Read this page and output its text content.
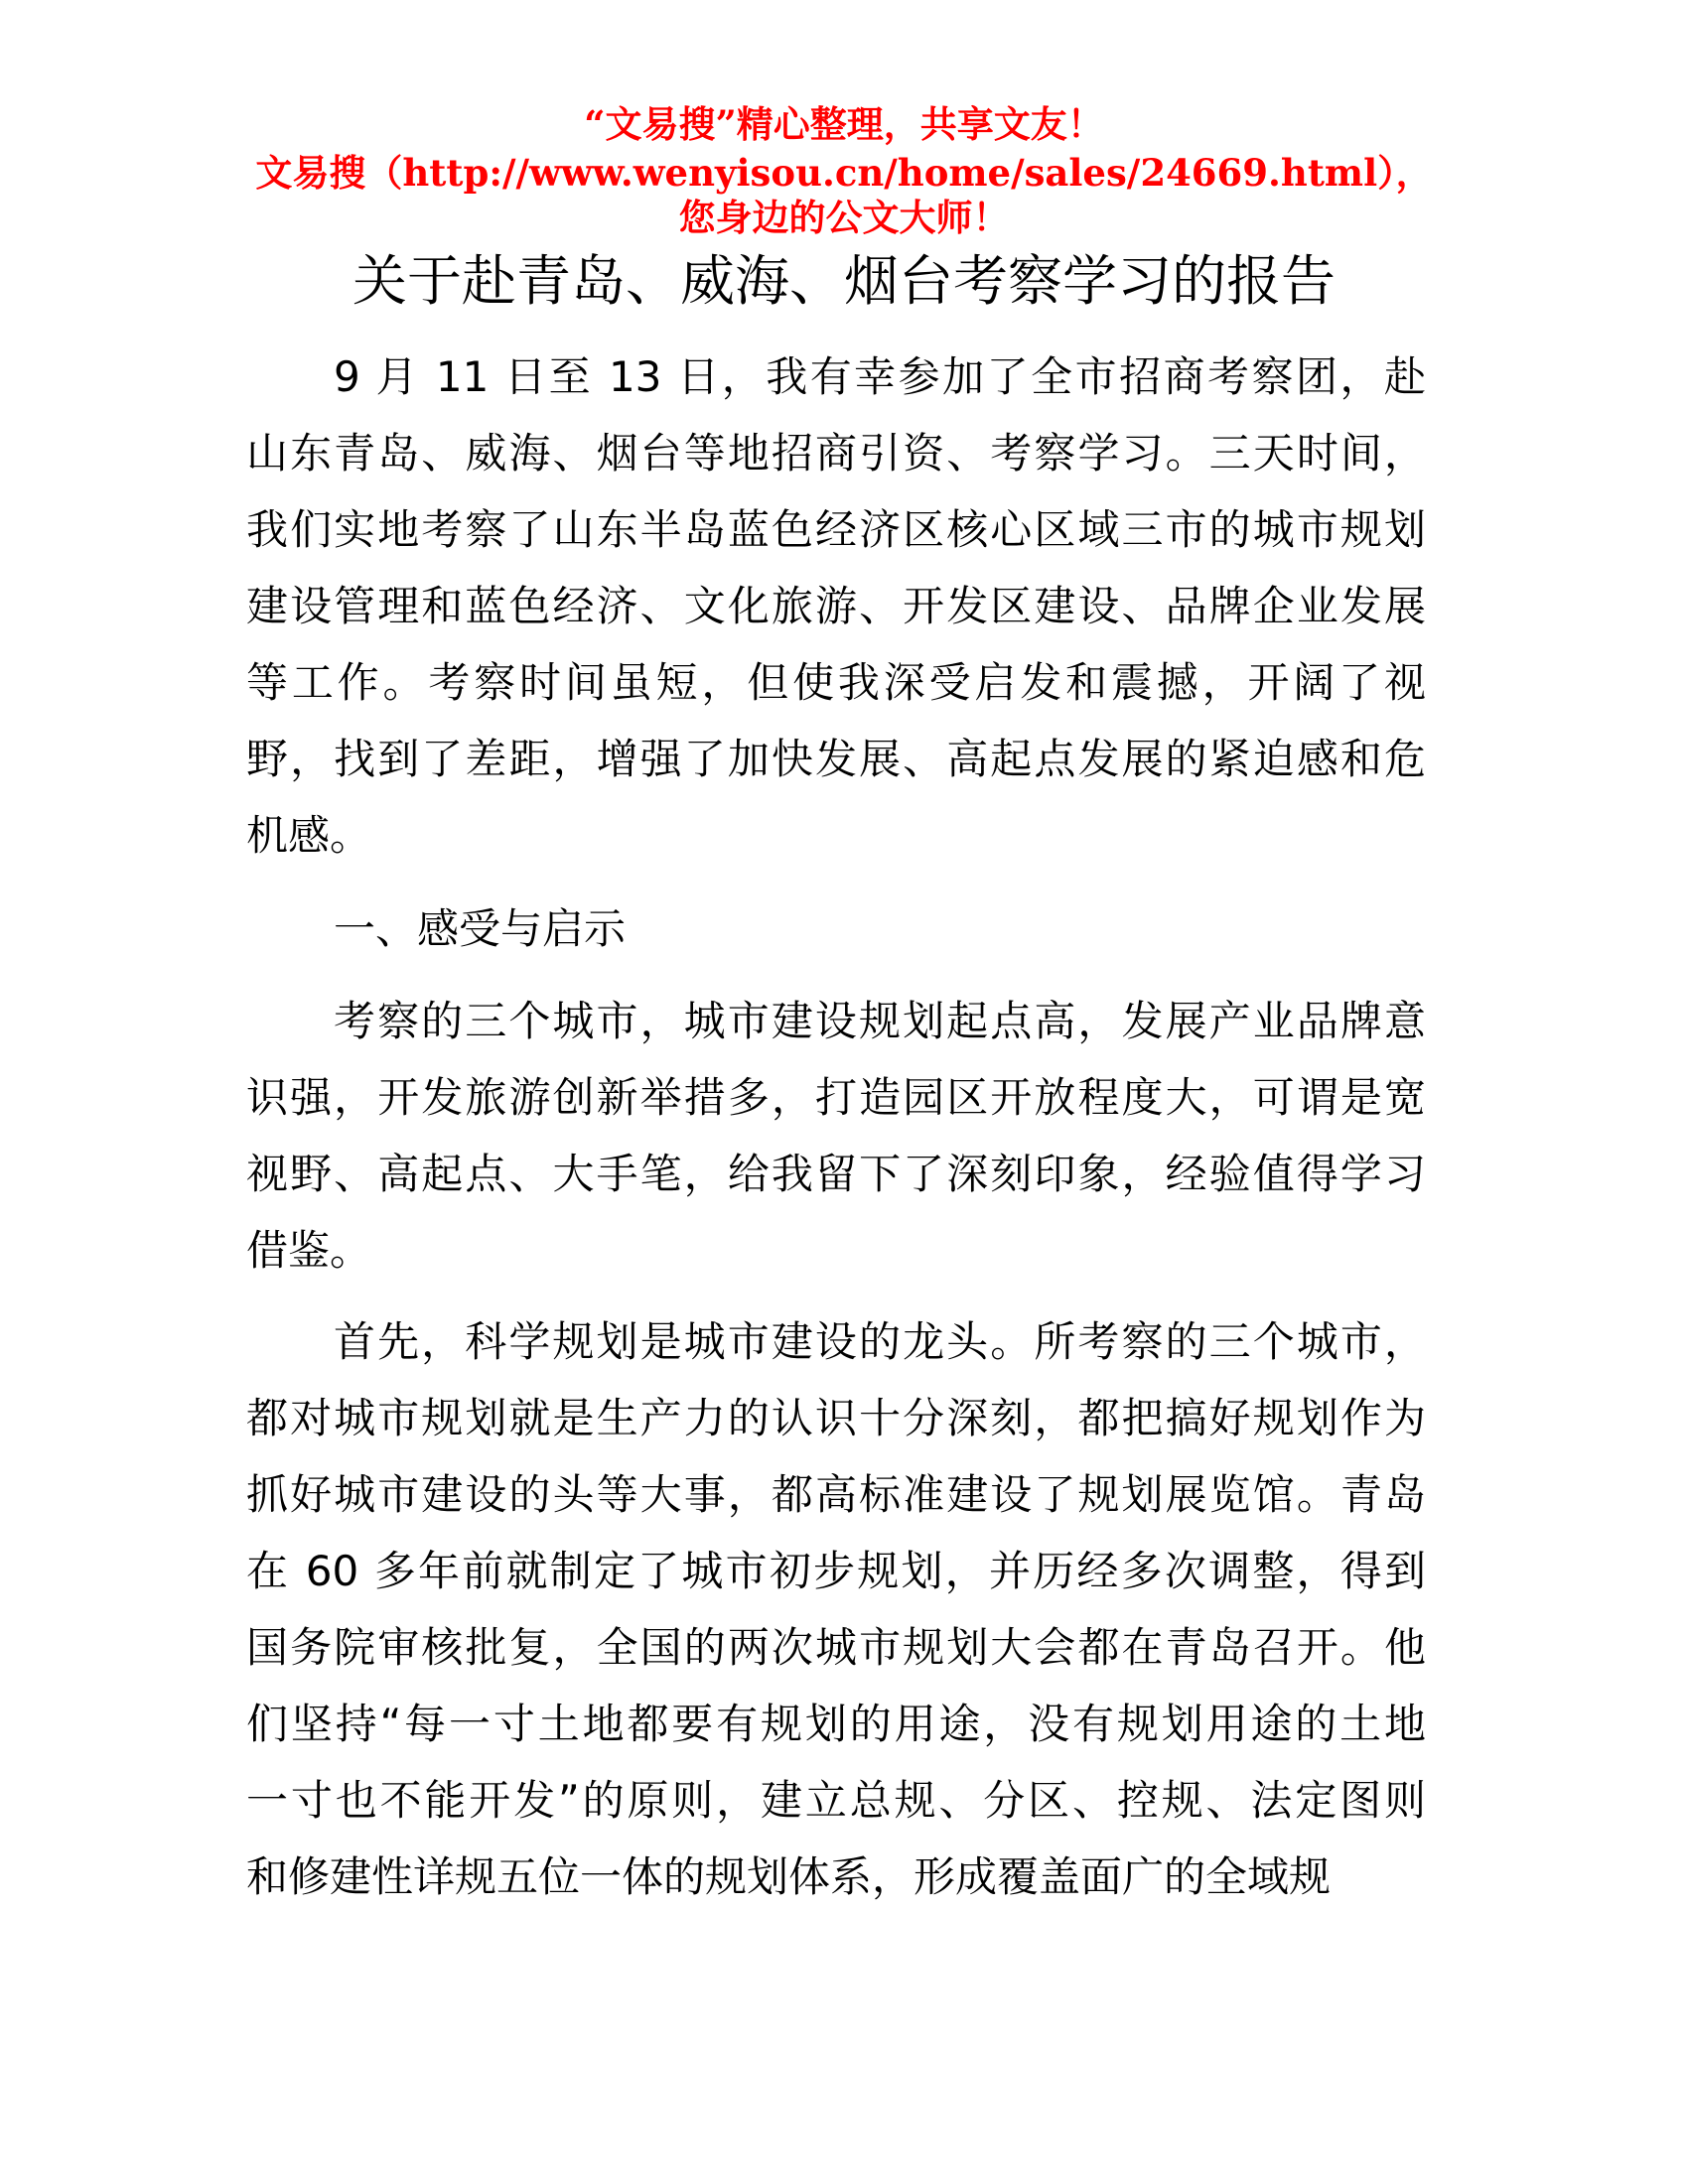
“文易搜”精心整理，共享文友！
文易搜（http://www.wenyisou.cn/home/sales/24669.html），
您身边的公文大师！
关于赴青岛、威海、烟台考察学习的报告
9 月 11 日至 13 日，我有幸参加了全市招商考察团，赴
山东青岛、威海、烟台等地招商引资、考察学习。三天时间，
我们实地考察了山东半岛蓝色经济区核心区域三市的城市规划
建设管理和蓝色经济、文化旅游、开发区建设、品牌企业发展
等工作。考察时间虽短，但使我深受启发和震撼，开阔了视
野，找到了差距，增强了加快发展、高起点发展的紧迫感和危
机感。
一、感受与启示
考察的三个城市，城市建设规划起点高，发展产业品牌意
识强，开发旅游创新举措多，打造园区开放程度大，可谓是宽
视野、高起点、大手笔，给我留下了深刻印象，经验值得学习
借鉴。
首先，科学规划是城市建设的龙头。所考察的三个城市，
都对城市规划就是生产力的认识十分深刻，都把搞好规划作为
抓好城市建设的头等大事，都高标准建设了规划展览馆。青岛
在 60 多年前就制定了城市初步规划，并历经多次调整，得到
国务院审核批复，全国的两次城市规划大会都在青岛召开。他
们坚持“每一寸土地都要有规划的用途，没有规划用途的土地
一寸也不能开发”的原则，建立总规、分区、控规、法定图则
和修建性详规五位一体的规划体系，形成覆盖面广的全域规
